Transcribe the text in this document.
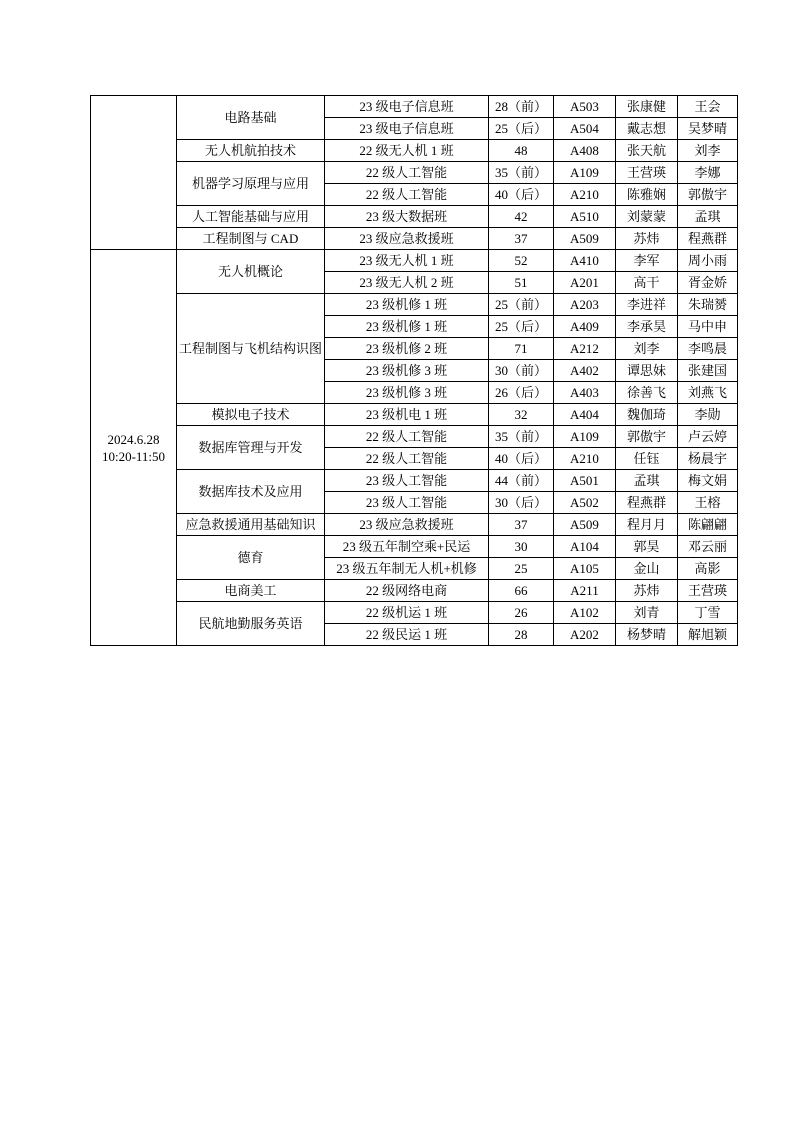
	电路基础	23 级电子信息班	28（前）	A503	张康健	王会
		23 级电子信息班	25（后）	A504	戴志想	吴梦晴
	无人机航拍技术	22 级无人机 1 班	48	A408	张天航	刘李
	机器学习原理与应用	22 级人工智能	35（前）	A109	王营瑛	李娜
		22 级人工智能	40（后）	A210	陈雅娴	郭傲宇
	人工智能基础与应用	23 级大数据班	42	A510	刘蒙蒙	孟琪
	工程制图与 CAD	23 级应急救援班	37	A509	苏炜	程燕群

2024.6.28
10:20-11:50	无人机概论	23 级无人机 1 班	52	A410	李军	周小雨
		23 级无人机 2 班	51	A201	高干	胥金娇
	工程制图与飞机结构识图	23 级机修 1 班	25（前）	A203	李进祥	朱瑞赟
		23 级机修 1 班	25（后）	A409	李承昊	马中申
		23 级机修 2 班	71	A212	刘李	李鸣晨
		23 级机修 3 班	30（前）	A402	谭思妹	张建国
		23 级机修 3 班	26（后）	A403	徐善飞	刘燕飞
	模拟电子技术	23 级机电 1 班	32	A404	魏伽琦	李勋
	数据库管理与开发	22 级人工智能	35（前）	A109	郭傲宇	卢云婷
		22 级人工智能	40（后）	A210	任钰	杨晨宇
	数据库技术及应用	23 级人工智能	44（前）	A501	孟琪	梅文娟
		23 级人工智能	30（后）	A502	程燕群	王榕
	应急救援通用基础知识	23 级应急救援班	37	A509	程月月	陈翩翩
	德育	23 级五年制空乘+民运	30	A104	郭昊	邓云丽
		23 级五年制无人机+机修	25	A105	金山	高影
	电商美工	22 级网络电商	66	A211	苏炜	王营瑛
	民航地勤服务英语	22 级机运 1 班	26	A102	刘青	丁雪
		22 级民运 1 班	28	A202	杨梦晴	解旭颖
